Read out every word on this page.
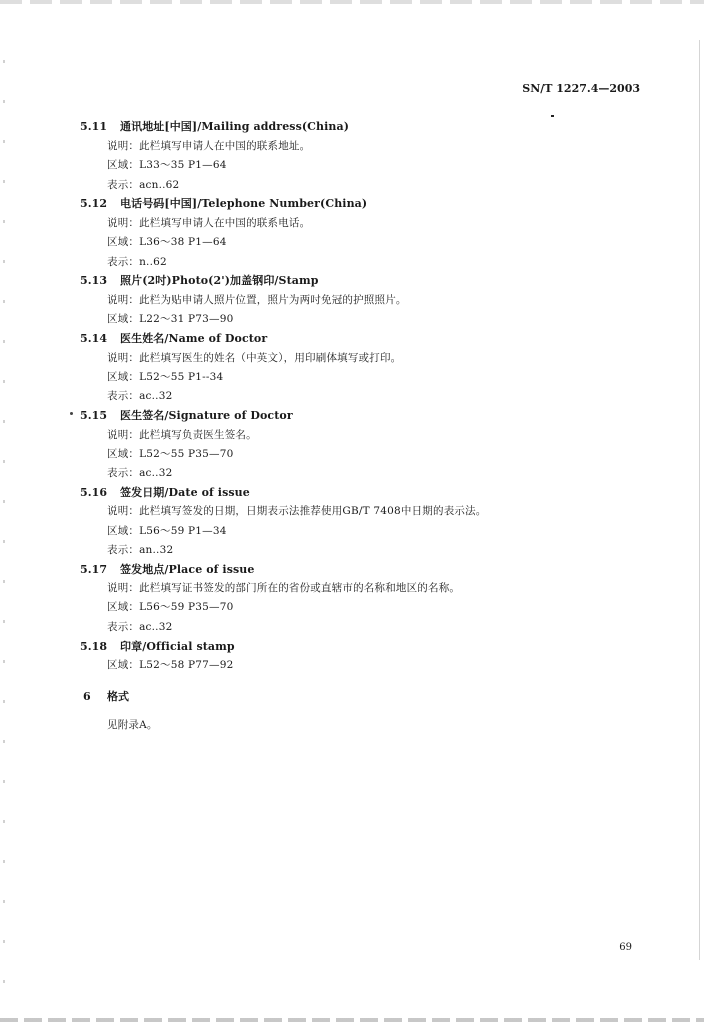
SN/T 1227.4—2003
5.11 通讯地址[中国]/Mailing address(China)
说明：此栏填写申请人在中国的联系地址。
区域：L33～35 P1—64
表示：acn..62
5.12 电话号码[中国]/Telephone Number(China)
说明：此栏填写申请人在中国的联系电话。
区域：L36～38 P1—64
表示：n..62
5.13 照片(2吋)Photo(2')加盖钢印/Stamp
说明：此栏为贴申请人照片位置，照片为两吋免冠的护照照片。
区域：L22～31 P73—90
5.14 医生姓名/Name of Doctor
说明：此栏填写医生的姓名（中英文），用印刷体填写或打印。
区域：L52～55 P1--34
表示：ac..32
5.15 医生签名/Signature of Doctor
说明：此栏填写负责医生签名。
区域：L52～55 P35—70
表示：ac..32
5.16 签发日期/Date of issue
说明：此栏填写签发的日期，日期表示法推荐使用GB/T 7408中日期的表示法。
区域：L56～59 P1—34
表示：an..32
5.17 签发地点/Place of issue
说明：此栏填写证书签发的部门所在的省份或直辖市的名称和地区的名称。
区域：L56～59 P35—70
表示：ac..32
5.18 印章/Official stamp
区域：L52～58 P77—92
6 格式
见附录A。
69
